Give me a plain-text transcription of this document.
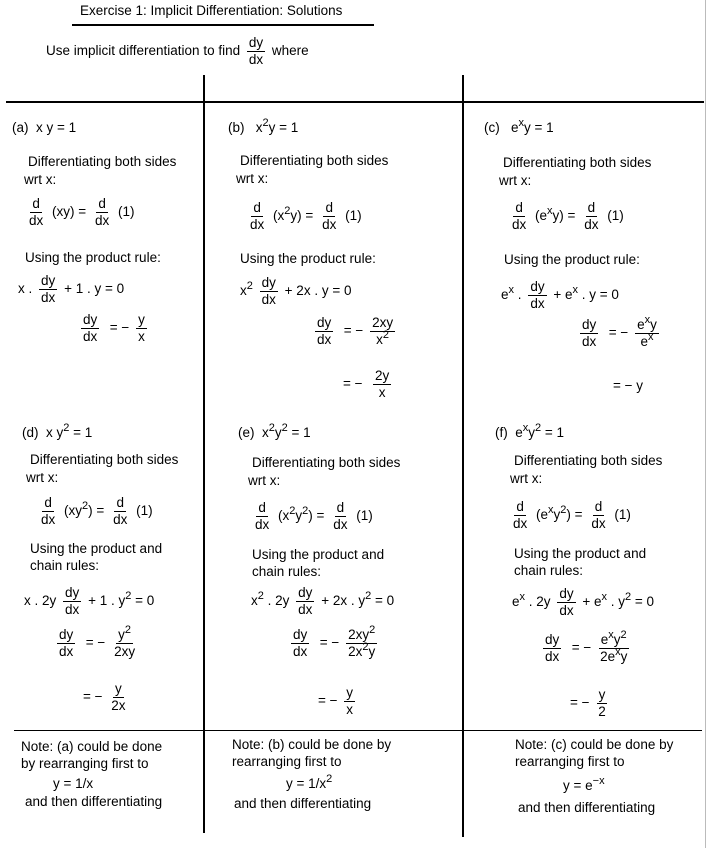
Exercise 1: Implicit Differentiation: Solutions
Use implicit differentiation to find $\frac{dy}{dx}$ where
(a) x y = 1
Differentiating both sides
wrt x:
$\frac{d}{dx} (xy) = \frac{d}{dx} (1)$
Using the product rule:
x . $\frac{dy}{dx} + 1$ . y = 0
$\frac{dy}{dx}$ = − $\frac{y}{x}$
(b) $x^2y = 1$
Differentiating both sides
wrt x:
$\frac{d}{dx} (x^2y) = \frac{d}{dx} (1)$
Using the product rule:
$x^2 \frac{dy}{dx} + 2x$ . y = 0
$\frac{dy}{dx}$ = − $\frac{2xy}{x^2}$
= − $\frac{2y}{x}$
(c) $e^xy = 1$
Differentiating both sides
wrt x:
$\frac{d}{dx} (e^xy) = \frac{d}{dx} (1)$
Using the product rule:
$e^x$ . $\frac{dy}{dx} + e^x$ . y = 0
$\frac{dy}{dx}$ = − $\frac{e^xy}{e^x}$
= − y
(d) x $y^2 = 1$
Differentiating both sides
wrt x:
$\frac{d}{dx} (xy^2) = \frac{d}{dx} (1)$
Using the product and
chain rules:
x . $2y \frac{dy}{dx} + 1$ . $y^2 = 0$
$\frac{dy}{dx}$ = − $\frac{y^2}{2xy}$
= − $\frac{y}{2x}$
(e) $x^2y^2 = 1$
Differentiating both sides
wrt x:
$\frac{d}{dx} (x^2y^2) = \frac{d}{dx} (1)$
Using the product and
chain rules:
$x^2$ . $2y \frac{dy}{dx} + 2x$ . $y^2 = 0$
$\frac{dy}{dx}$ = − $\frac{2xy^2}{2x^2y}$
= − $\frac{y}{x}$
(f) $e^xy^2 = 1$
Differentiating both sides
wrt x:
$\frac{d}{dx} (e^xy^2) = \frac{d}{dx} (1)$
Using the product and
chain rules:
$e^x$ . $2y \frac{dy}{dx} + e^x$ . $y^2 = 0$
$\frac{dy}{dx}$ = − $\frac{e^xy^2}{2e^xy}$
= − $\frac{y}{2}$
Note: (a) could be done
by rearranging first to
y = 1/x
and then differentiating
Note: (b) could be done by
rearranging first to
$y = 1/x^2$
and then differentiating
Note: (c) could be done by
rearranging first to
$y = e^{-x}$
and then differentiating
